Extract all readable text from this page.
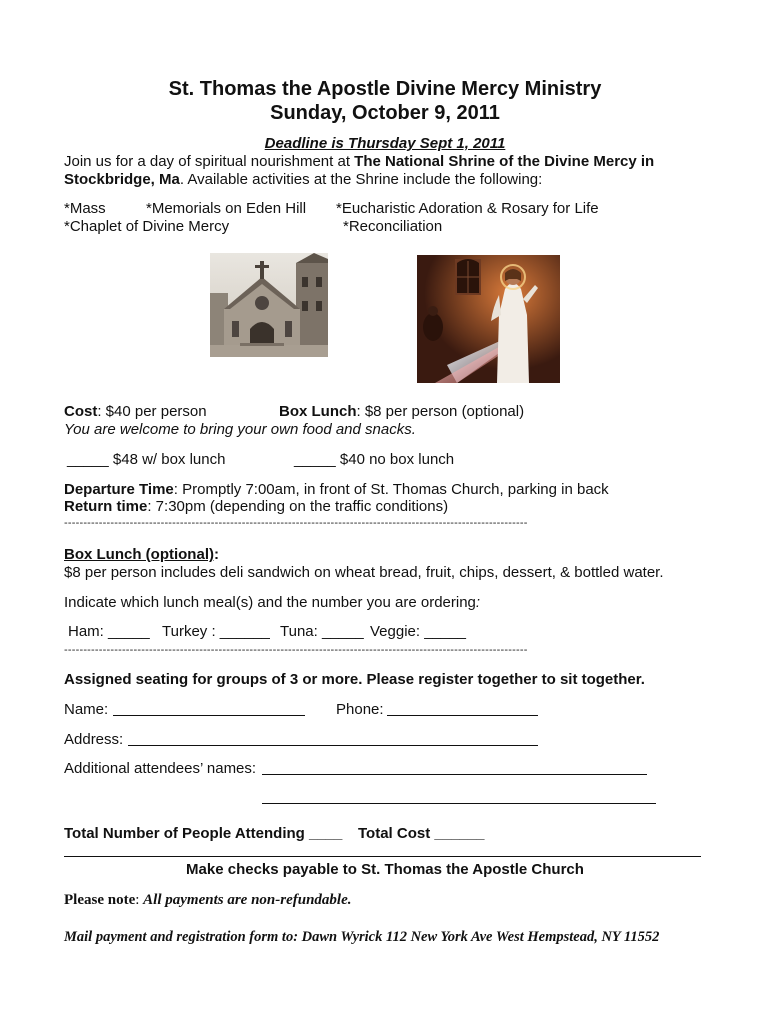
St. Thomas the Apostle Divine Mercy Ministry
Sunday, October 9, 2011
Deadline is Thursday Sept 1, 2011
Join us for a day of spiritual nourishment at The National Shrine of the Divine Mercy in
Stockbridge, Ma. Available activities at the Shrine include the following:
*Mass	*Memorials on Eden Hill *Eucharistic Adoration & Rosary for Life
*Chaplet of Divine Mercy	*Reconciliation
Cost: $40 per person	Box Lunch: $8 per person (optional)
You are welcome to bring your own food and snacks.
_____ $48 w/ box lunch	_____ $40 no box lunch
Departure Time: Promptly 7:00am, in front of St. Thomas Church, parking in back
Return time: 7:30pm (depending on the traffic conditions)
------------------------------------------------------------------------------------------------------------------------
Box Lunch (optional):
$8 per person includes deli sandwich on wheat bread, fruit, chips, dessert, & bottled water.
Indicate which lunch meal(s) and the number you are ordering:
Ham: _____ Turkey : ______ Tuna: _____ Veggie: _____
------------------------------------------------------------------------------------------------------------------------
Assigned seating for groups of 3 or more. Please register together to sit together.
Name:	Phone:
Address:
Additional attendees’ names:
Total Number of People Attending ____ Total Cost ______
Make checks payable to St. Thomas the Apostle Church
Please note: All payments are non-refundable.
Mail payment and registration form to: Dawn Wyrick 112 New York Ave West Hempstead, NY 11552
